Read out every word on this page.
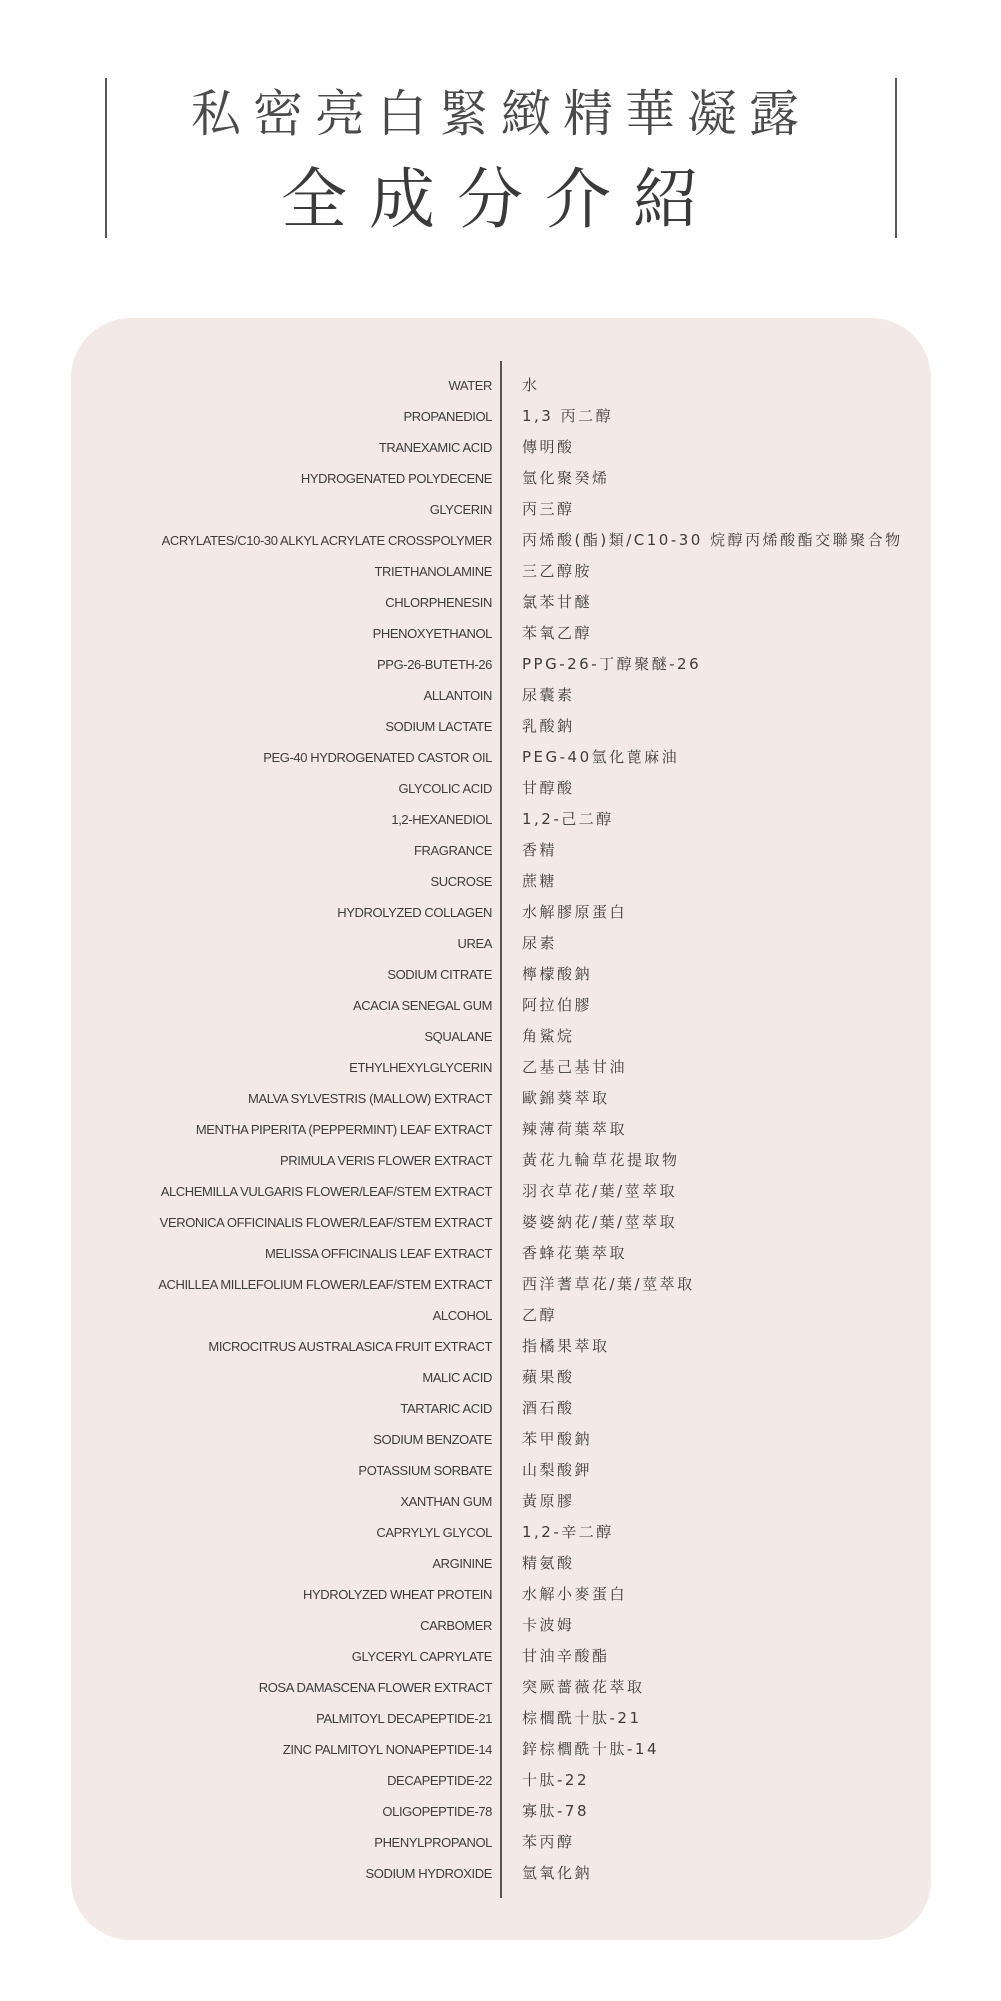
私密亮白緊緻精華凝露
全成分介紹
WATER 水
PROPANEDIOL 1,3 丙二醇
TRANEXAMIC ACID 傳明酸
HYDROGENATED POLYDECENE 氫化聚癸烯
GLYCERIN 丙三醇
ACRYLATES/C10-30 ALKYL ACRYLATE CROSSPOLYMER 丙烯酸(酯)類/C10-30 烷醇丙烯酸酯交聯聚合物
TRIETHANOLAMINE 三乙醇胺
CHLORPHENESIN 氯苯甘醚
PHENOXYETHANOL 苯氧乙醇
PPG-26-BUTETH-26 PPG-26-丁醇聚醚-26
ALLANTOIN 尿囊素
SODIUM LACTATE 乳酸鈉
PEG-40 HYDROGENATED CASTOR OIL PEG-40氫化蓖麻油
GLYCOLIC ACID 甘醇酸
1,2-HEXANEDIOL 1,2-己二醇
FRAGRANCE 香精
SUCROSE 蔗糖
HYDROLYZED COLLAGEN 水解膠原蛋白
UREA 尿素
SODIUM CITRATE 檸檬酸鈉
ACACIA SENEGAL GUM 阿拉伯膠
SQUALANE 角鯊烷
ETHYLHEXYLGLYCERIN 乙基己基甘油
MALVA SYLVESTRIS (MALLOW) EXTRACT 歐錦葵萃取
MENTHA PIPERITA (PEPPERMINT) LEAF EXTRACT 辣薄荷葉萃取
PRIMULA VERIS FLOWER EXTRACT 黃花九輪草花提取物
ALCHEMILLA VULGARIS FLOWER/LEAF/STEM EXTRACT 羽衣草花/葉/莖萃取
VERONICA OFFICINALIS FLOWER/LEAF/STEM EXTRACT 婆婆納花/葉/莖萃取
MELISSA OFFICINALIS LEAF EXTRACT 香蜂花葉萃取
ACHILLEA MILLEFOLIUM FLOWER/LEAF/STEM EXTRACT 西洋蓍草花/葉/莖萃取
ALCOHOL 乙醇
MICROCITRUS AUSTRALASICA FRUIT EXTRACT 指橘果萃取
MALIC ACID 蘋果酸
TARTARIC ACID 酒石酸
SODIUM BENZOATE 苯甲酸鈉
POTASSIUM SORBATE 山梨酸鉀
XANTHAN GUM 黃原膠
CAPRYLYL GLYCOL 1,2-辛二醇
ARGININE 精氨酸
HYDROLYZED WHEAT PROTEIN 水解小麥蛋白
CARBOMER 卡波姆
GLYCERYL CAPRYLATE 甘油辛酸酯
ROSA DAMASCENA FLOWER EXTRACT 突厥薔薇花萃取
PALMITOYL DECAPEPTIDE-21 棕櫚酰十肽-21
ZINC PALMITOYL NONAPEPTIDE-14 鋅棕櫚酰十肽-14
DECAPEPTIDE-22 十肽-22
OLIGOPEPTIDE-78 寡肽-78
PHENYLPROPANOL 苯丙醇
SODIUM HYDROXIDE 氫氧化鈉
